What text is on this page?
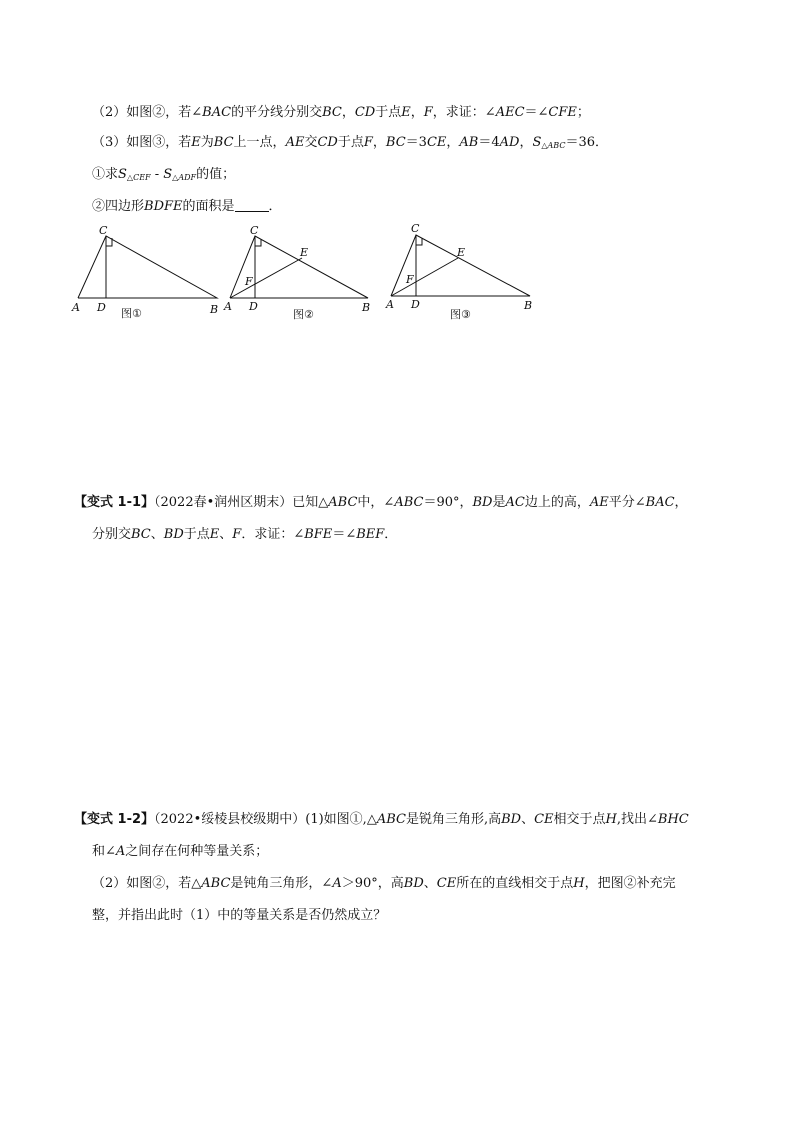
（2）如图②，若∠BAC的平分线分别交BC，CD于点E，F，求证：∠AEC＝∠CFE；
（3）如图③，若E为BC上一点，AE交CD于点F，BC＝3CE，AB＝4AD，$S_{\triangle ABC}=36$．
①求$S_{\triangle CEF} - S_{\triangle ADF}$的值；
②四边形BDFE的面积是	．
A D
C
B A D
C
F
E
B A D
C
F
E
B
图①	图②	图③
【变式 1-1】（2022春•润州区期末）已知△ABC中，∠ABC＝90°，BD是AC边上的高，AE平分∠BAC，
分别交BC、BD于点E、F．求证：∠BFE＝∠BEF．
【变式 1-2】（2022•绥棱县校级期中）(1)如图①,△ABC是锐角三角形,高BD、CE相交于点H,找出∠BHC
和∠A之间存在何种等量关系；
（2）如图②，若△ABC是钝角三角形，∠A＞90°，高BD、CE所在的直线相交于点H，把图②补充完
整，并指出此时（1）中的等量关系是否仍然成立？
